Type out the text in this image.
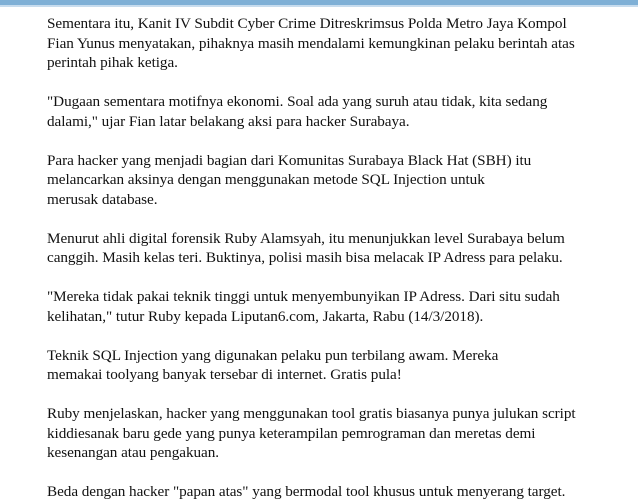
Sementara itu, Kanit IV Subdit Cyber Crime Ditreskrimsus Polda Metro Jaya Kompol
Fian Yunus menyatakan, pihaknya masih mendalami kemungkinan pelaku berintah atas
perintah pihak ketiga.

"Dugaan sementara motifnya ekonomi. Soal ada yang suruh atau tidak, kita sedang
dalami," ujar Fian latar belakang aksi para hacker Surabaya.

Para hacker yang menjadi bagian dari Komunitas Surabaya Black Hat (SBH) itu
melancarkan aksinya dengan menggunakan metode SQL Injection untuk
merusak database.

Menurut ahli digital forensik Ruby Alamsyah, itu menunjukkan level Surabaya belum
canggih. Masih kelas teri. Buktinya, polisi masih bisa melacak IP Adress para pelaku.

"Mereka tidak pakai teknik tinggi untuk menyembunyikan IP Adress. Dari situ sudah
kelihatan," tutur Ruby kepada Liputan6.com, Jakarta, Rabu (14/3/2018).

Teknik SQL Injection yang digunakan pelaku pun terbilang awam. Mereka
memakai toolyang banyak tersebar di internet. Gratis pula!

Ruby menjelaskan, hacker yang menggunakan tool gratis biasanya punya julukan script
kiddiesanak baru gede yang punya keterampilan pemrograman dan meretas demi
kesenangan atau pengakuan.

Beda dengan hacker "papan atas" yang bermodal tool khusus untuk menyerang target.
